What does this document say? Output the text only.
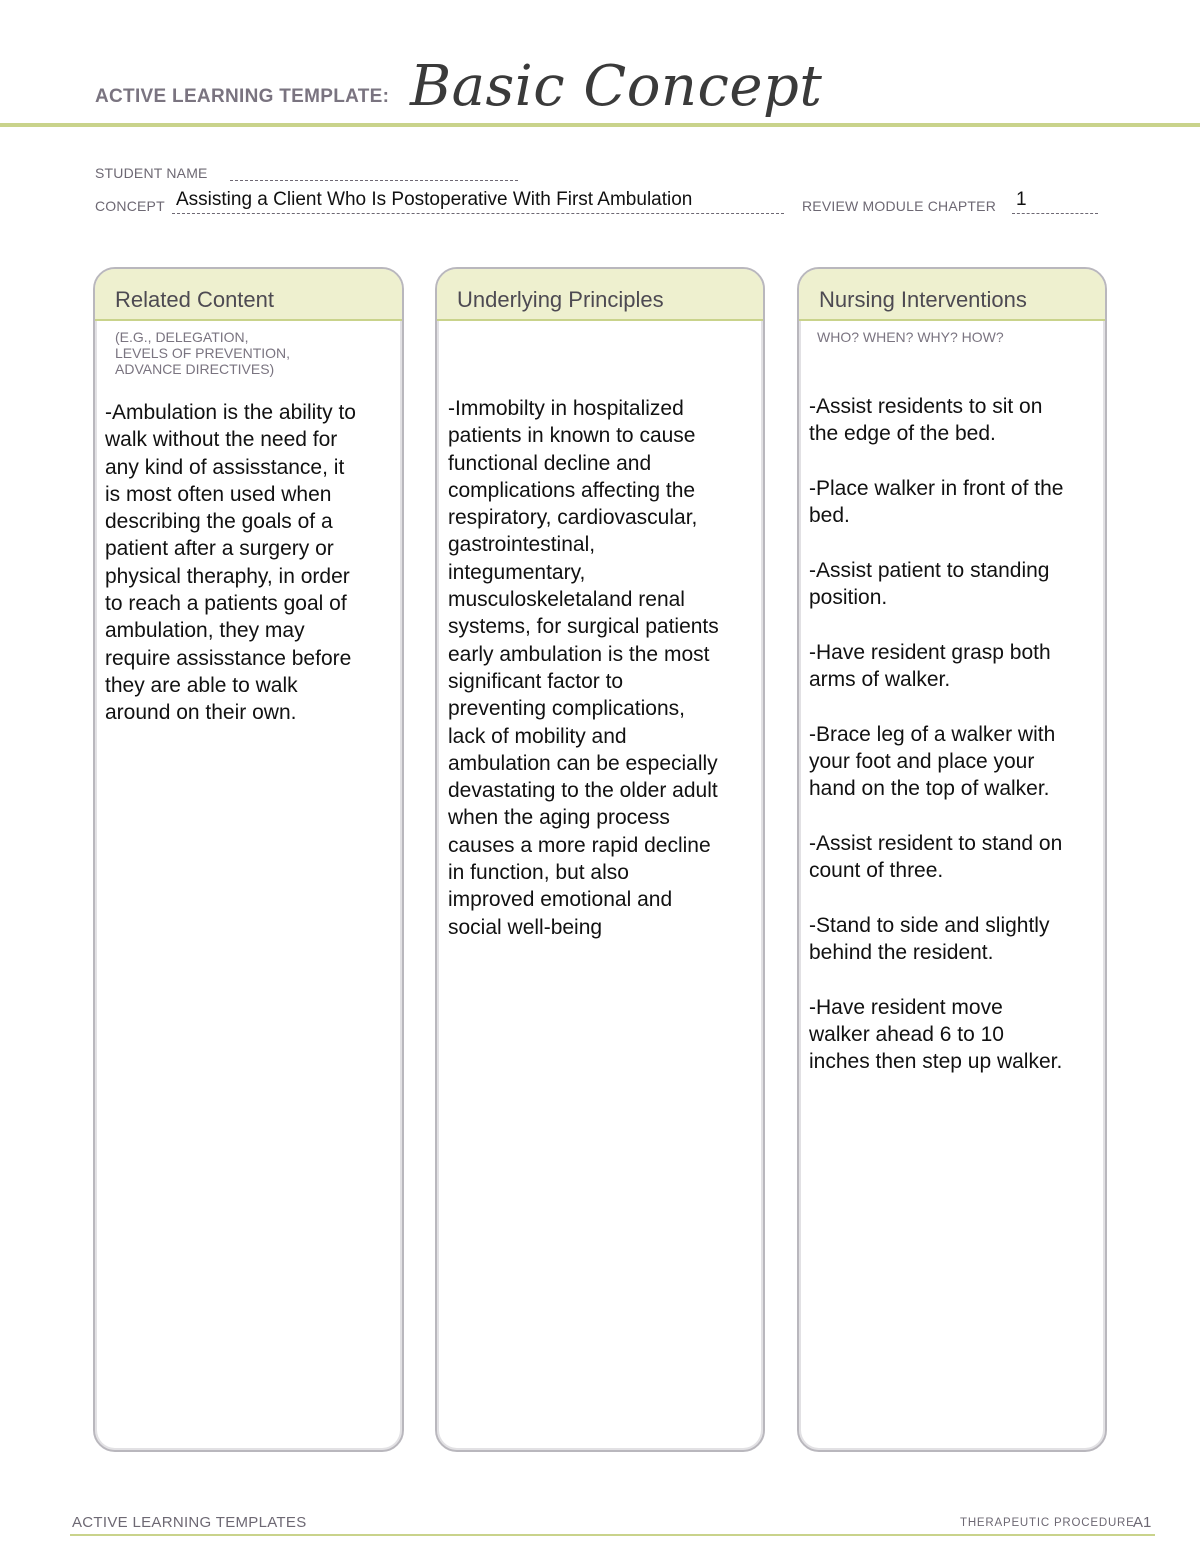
ACTIVE LEARNING TEMPLATE: Basic Concept
STUDENT NAME
CONCEPT Assisting a Client Who Is Postoperative With First Ambulation	REVIEW MODULE CHAPTER 1
Related Content
(E.G., DELEGATION,
LEVELS OF PREVENTION,
ADVANCE DIRECTIVES)
-Ambulation is the ability to
walk without the need for
any kind of assisstance, it
is most often used when
describing the goals of a
patient after a surgery or
physical theraphy, in order
to reach a patients goal of
ambulation, they may
require assisstance before
they are able to walk
around on their own.
Underlying Principles
-Immobilty in hospitalized
patients in known to cause
functional decline and
complications affecting the
respiratory, cardiovascular,
gastrointestinal,
integumentary,
musculoskeletaland renal
systems, for surgical patients
early ambulation is the most
significant factor to
preventing complications,
lack of mobility and
ambulation can be especially
devastating to the older adult
when the aging process
causes a more rapid decline
in function, but also
improved emotional and
social well-being
Nursing Interventions
WHO? WHEN? WHY? HOW?
-Assist residents to sit on
the edge of the bed.

-Place walker in front of the
bed.

-Assist patient to standing
position.

-Have resident grasp both
arms of walker.

-Brace leg of a walker with
your foot and place your
hand on the top of walker.

-Assist resident to stand on
count of three.

-Stand to side and slightly
behind the resident.

-Have resident move
walker ahead 6 to 10
inches then step up walker.
ACTIVE LEARNING TEMPLATES	THERAPEUTIC PROCEDURE
A1
